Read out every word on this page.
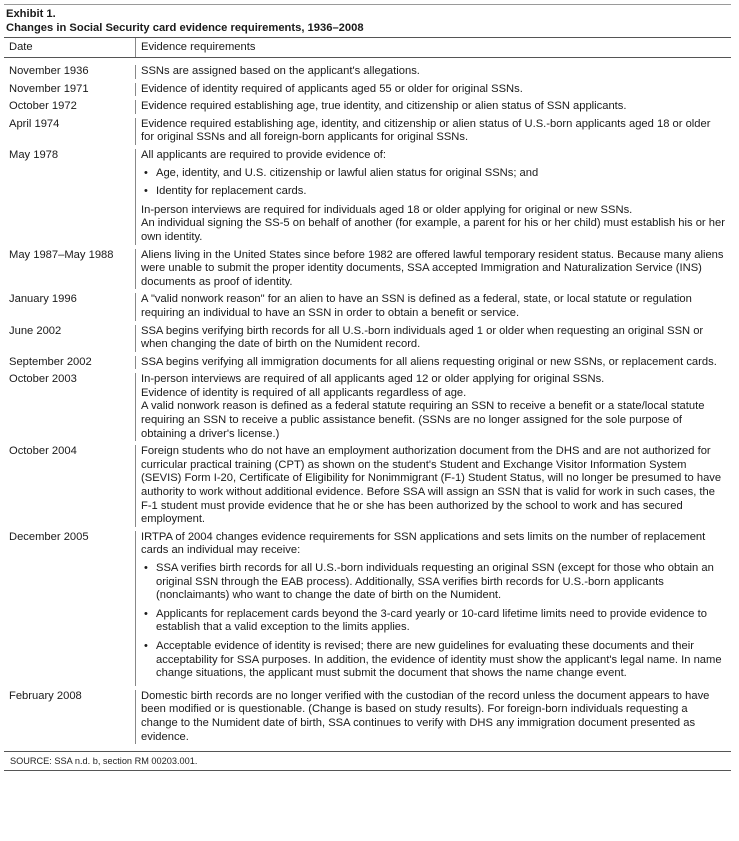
Exhibit 1.
Changes in Social Security card evidence requirements, 1936–2008
Date	Evidence requirements
November 1936	SSNs are assigned based on the applicant's allegations.

November 1971	Evidence of identity required of applicants aged 55 or older for original SSNs.

October 1972	Evidence required establishing age, true identity, and citizenship or alien status of SSN applicants.

April 1974	Evidence required establishing age, identity, and citizenship or alien status of U.S.-born applicants aged 18 or older for original SSNs and all foreign-born applicants for original SSNs.

May 1978	All applicants are required to provide evidence of:

• Age, identity, and U.S. citizenship or lawful alien status for original SSNs; and
• Identity for replacement cards.

In-person interviews are required for individuals aged 18 or older applying for original or new SSNs.

An individual signing the SS-5 on behalf of another (for example, a parent for his or her child) must establish his or her own identity.

May 1987–May 1988	Aliens living in the United States since before 1982 are offered lawful temporary resident status. Because many aliens were unable to submit the proper identity documents, SSA accepted Immigration and Naturalization Service (INS) documents as proof of identity.

January 1996	A "valid nonwork reason" for an alien to have an SSN is defined as a federal, state, or local statute or regulation requiring an individual to have an SSN in order to obtain a benefit or service.

June 2002	SSA begins verifying birth records for all U.S.-born individuals aged 1 or older when requesting an original SSN or when changing the date of birth on the Numident record.

September 2002	SSA begins verifying all immigration documents for all aliens requesting original or new SSNs, or replacement cards.

October 2003	In-person interviews are required of all applicants aged 12 or older applying for original SSNs.

Evidence of identity is required of all applicants regardless of age.

A valid nonwork reason is defined as a federal statute requiring an SSN to receive a benefit or a state/local statute requiring an SSN to receive a public assistance benefit. (SSNs are no longer assigned for the sole purpose of obtaining a driver's license.)

October 2004	Foreign students who do not have an employment authorization document from the DHS and are not authorized for curricular practical training (CPT) as shown on the student's Student and Exchange Visitor Information System (SEVIS) Form I-20, Certificate of Eligibility for Nonimmigrant (F-1) Student Status, will no longer be presumed to have authority to work without additional evidence. Before SSA will assign an SSN that is valid for work in such cases, the F-1 student must provide evidence that he or she has been authorized by the school to work and has secured employment.

December 2005	IRTPA of 2004 changes evidence requirements for SSN applications and sets limits on the number of replacement cards an individual may receive:

• SSA verifies birth records for all U.S.-born individuals requesting an original SSN (except for those who obtain an original SSN through the EAB process). Additionally, SSA verifies birth records for U.S.-born applicants (nonclaimants) who want to change the date of birth on the Numident.
• Applicants for replacement cards beyond the 3-card yearly or 10-card lifetime limits need to provide evidence to establish that a valid exception to the limits applies.
• Acceptable evidence of identity is revised; there are new guidelines for evaluating these documents and their acceptability for SSA purposes. In addition, the evidence of identity must show the applicant's legal name. In name change situations, the applicant must submit the document that shows the name change event.
February 2008	Domestic birth records are no longer verified with the custodian of the record unless the document appears to have been modified or is questionable. (Change is based on study results). For foreign-born individuals requesting a change to the Numident date of birth, SSA continues to verify with DHS any immigration document presented as evidence.

SOURCE: SSA n.d. b, section RM 00203.001.
